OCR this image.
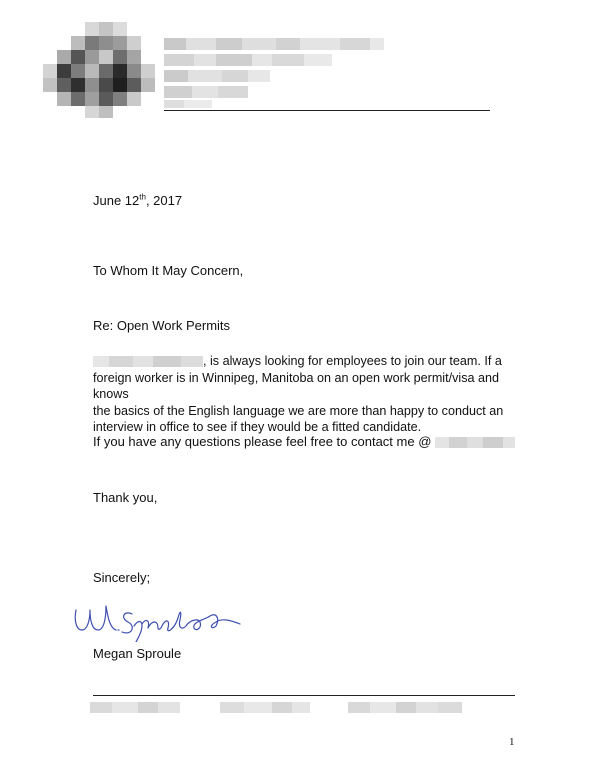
June 12th, 2017
To Whom It May Concern,
Re: Open Work Permits
, is always looking for employees to join our team. If a
foreign worker is in Winnipeg, Manitoba on an open work permit/visa and knows
the basics of the English language we are more than happy to conduct an
interview in office to see if they would be a fitted candidate.
If you have any questions please feel free to contact me @
Thank you,
Sincerely;
Megan Sproule
1
